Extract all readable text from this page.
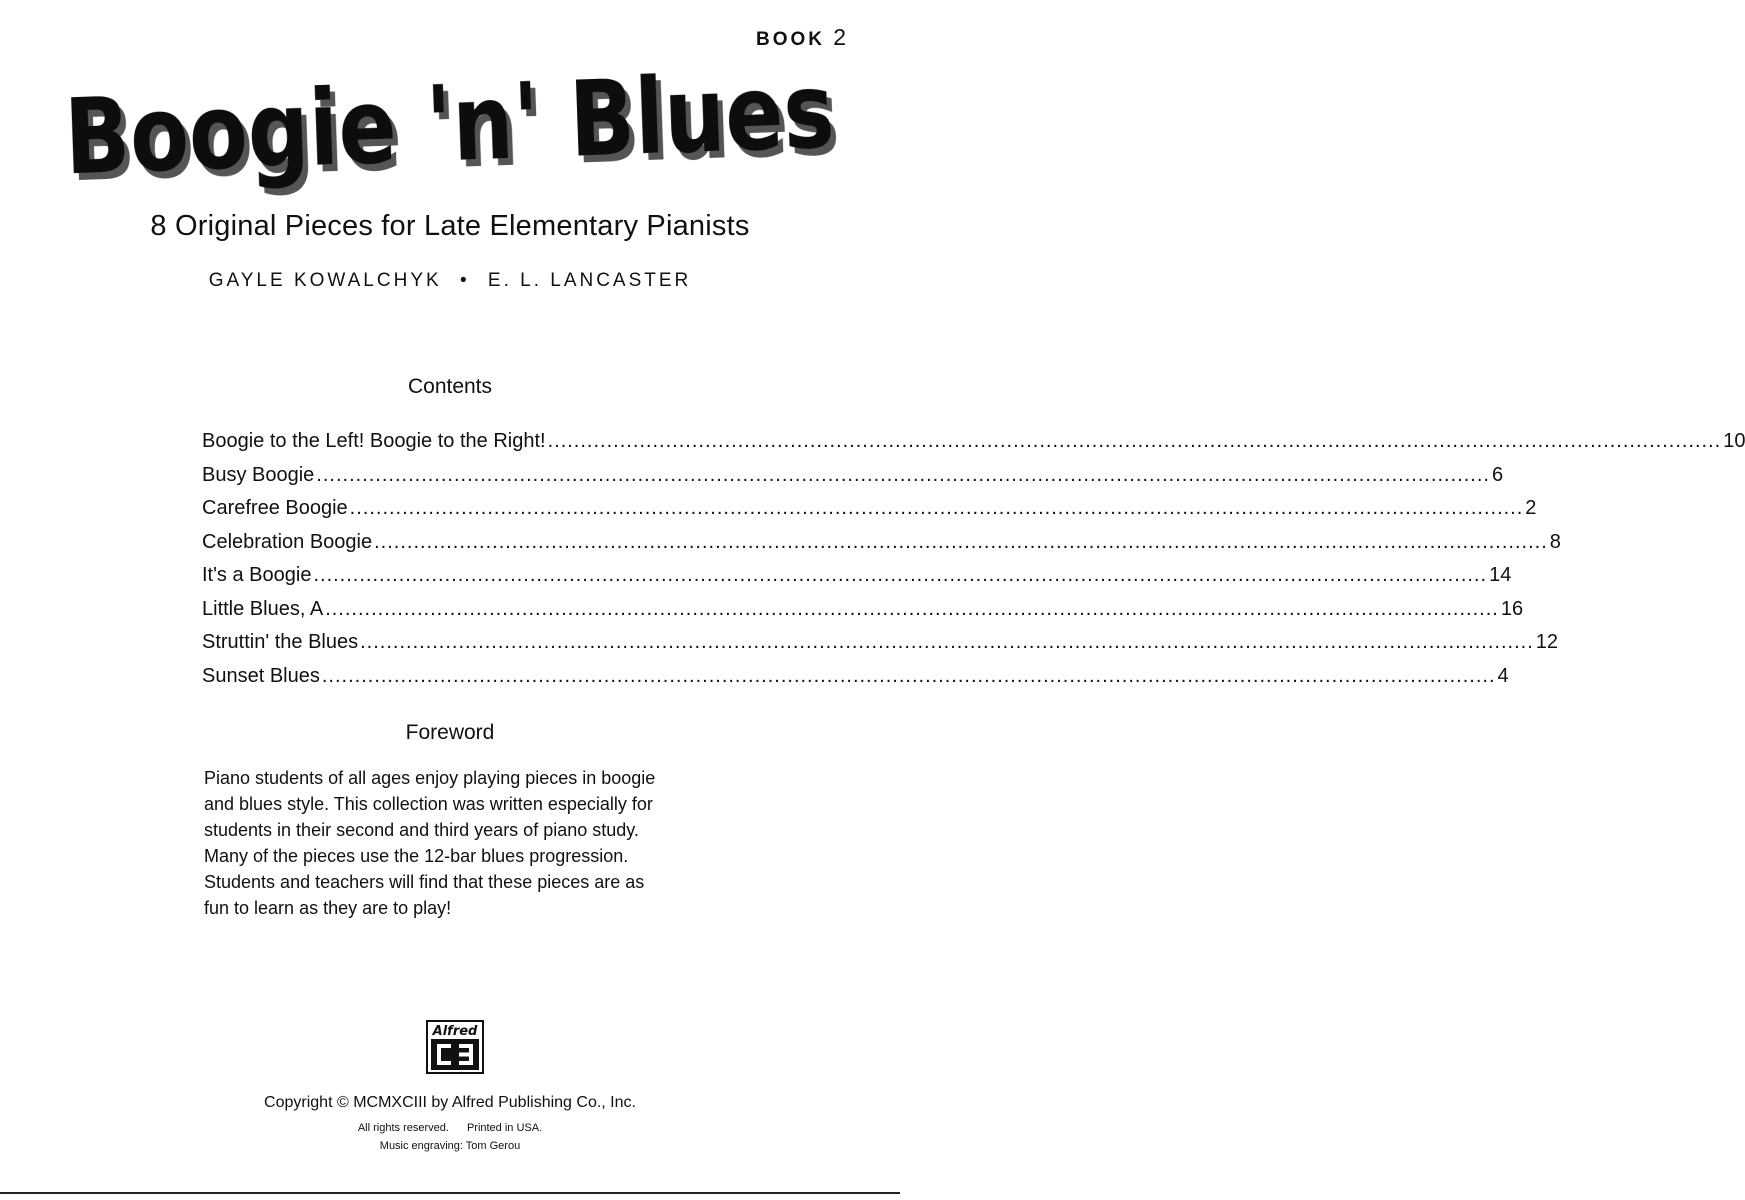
BOOK 2
Boogie 'n' Blues
8 Original Pieces for Late Elementary Pianists
GAYLE KOWALCHYK • E. L. LANCASTER
Contents
Boogie to the Left! Boogie to the Right! .....	10
Busy Boogie .....	6
Carefree Boogie .....	2
Celebration Boogie .....	8
It's a Boogie .....	14
Little Blues, A .....	16
Struttin' the Blues .....	12
Sunset Blues .....	4
Foreword
Piano students of all ages enjoy playing pieces in boogie
and blues style. This collection was written especially for
students in their second and third years of piano study.
Many of the pieces use the 12-bar blues progression.
Students and teachers will find that these pieces are as
fun to learn as they are to play!
Alfred
Copyright © MCMXCIII by Alfred Publishing Co., Inc.
All rights reserved. Printed in USA.
Music engraving: Tom Gerou
